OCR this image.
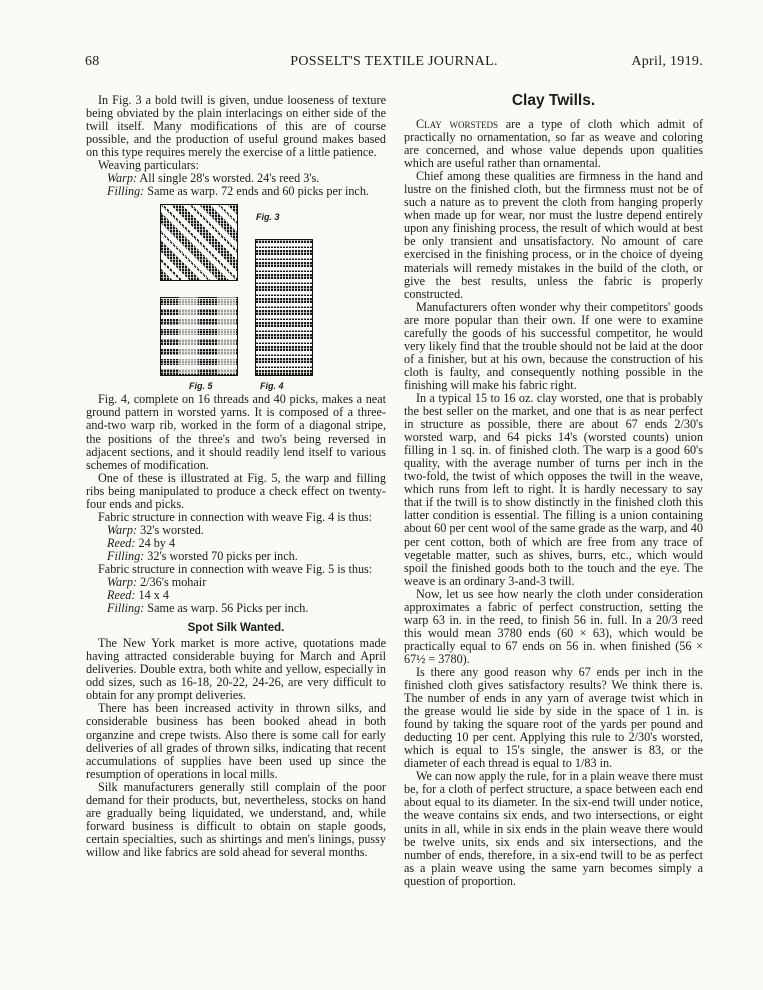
68	POSSELT'S TEXTILE JOURNAL.	April, 1919.

In Fig. 3 a bold twill is given, undue looseness of texture being obviated by the plain interlacings on either side of the twill itself. Many modifications of this are of course possible, and the production of useful ground makes based on this type requires merely the exercise of a little patience.

Weaving particulars:

Warp: All single 28's worsted. 24's reed 3's.

Filling: Same as warp. 72 ends and 60 picks per inch.

Fig. 3
Fig. 5	Fig. 4

Fig. 4, complete on 16 threads and 40 picks, makes a neat ground pattern in worsted yarns. It is composed of a three-and-two warp rib, worked in the form of a diagonal stripe, the positions of the three's and two's being reversed in adjacent sections, and it should readily lend itself to various schemes of modification.

One of these is illustrated at Fig. 5, the warp and filling ribs being manipulated to produce a check effect on twenty-four ends and picks.

Fabric structure in connection with weave Fig. 4 is thus:

Warp: 32's worsted.

Reed: 24 by 4

Filling: 32's worsted 70 picks per inch.

Fabric structure in connection with weave Fig. 5 is thus:

Warp: 2/36's mohair

Reed: 14 x 4

Filling: Same as warp. 56 Picks per inch.

Spot Silk Wanted.

The New York market is more active, quotations made having attracted considerable buying for March and April deliveries. Double extra, both white and yellow, especially in odd sizes, such as 16-18, 20-22, 24-26, are very difficult to obtain for any prompt deliveries.

There has been increased activity in thrown silks, and considerable business has been booked ahead in both organzine and crepe twists. Also there is some call for early deliveries of all grades of thrown silks, indicating that recent accumulations of supplies have been used up since the resumption of operations in local mills.

Silk manufacturers generally still complain of the poor demand for their products, but, nevertheless, stocks on hand are gradually being liquidated, we understand, and, while forward business is difficult to obtain on staple goods, certain specialties, such as shirtings and men's linings, pussy willow and like fabrics are sold ahead for several months.

Clay Twills.

Clay worsteds are a type of cloth which admit of practically no ornamentation, so far as weave and coloring are concerned, and whose value depends upon qualities which are useful rather than ornamental.

Chief among these qualities are firmness in the hand and lustre on the finished cloth, but the firmness must not be of such a nature as to prevent the cloth from hanging properly when made up for wear, nor must the lustre depend entirely upon any finishing process, the result of which would at best be only transient and unsatisfactory. No amount of care exercised in the finishing process, or in the choice of dyeing materials will remedy mistakes in the build of the cloth, or give the best results, unless the fabric is properly constructed.

Manufacturers often wonder why their competitors' goods are more popular than their own. If one were to examine carefully the goods of his successful competitor, he would very likely find that the trouble should not be laid at the door of a finisher, but at his own, because the construction of his cloth is faulty, and consequently nothing possible in the finishing will make his fabric right.

In a typical 15 to 16 oz. clay worsted, one that is probably the best seller on the market, and one that is as near perfect in structure as possible, there are about 67 ends 2/30's worsted warp, and 64 picks 14's (worsted counts) union filling in 1 sq. in. of finished cloth. The warp is a good 60's quality, with the average number of turns per inch in the two-fold, the twist of which opposes the twill in the weave, which runs from left to right. It is hardly necessary to say that if the twill is to show distinctly in the finished cloth this latter condition is essential. The filling is a union containing about 60 per cent wool of the same grade as the warp, and 40 per cent cotton, both of which are free from any trace of vegetable matter, such as shives, burrs, etc., which would spoil the finished goods both to the touch and the eye. The weave is an ordinary 3-and-3 twill.

Now, let us see how nearly the cloth under consideration approximates a fabric of perfect construction, setting the warp 63 in. in the reed, to finish 56 in. full. In a 20/3 reed this would mean 3780 ends (60 × 63), which would be practically equal to 67 ends on 56 in. when finished (56 × 67½ = 3780).

Is there any good reason why 67 ends per inch in the finished cloth gives satisfactory results? We think there is. The number of ends in any yarn of average twist which in the grease would lie side by side in the space of 1 in. is found by taking the square root of the yards per pound and deducting 10 per cent. Applying this rule to 2/30's worsted, which is equal to 15's single, the answer is 83, or the diameter of each thread is equal to 1/83 in.

We can now apply the rule, for in a plain weave there must be, for a cloth of perfect structure, a space between each end about equal to its diameter. In the six-end twill under notice, the weave contains six ends, and two intersections, or eight units in all, while in six ends in the plain weave there would be twelve units, six ends and six intersections, and the number of ends, therefore, in a six-end twill to be as perfect as a plain weave using the same yarn becomes simply a question of proportion.
